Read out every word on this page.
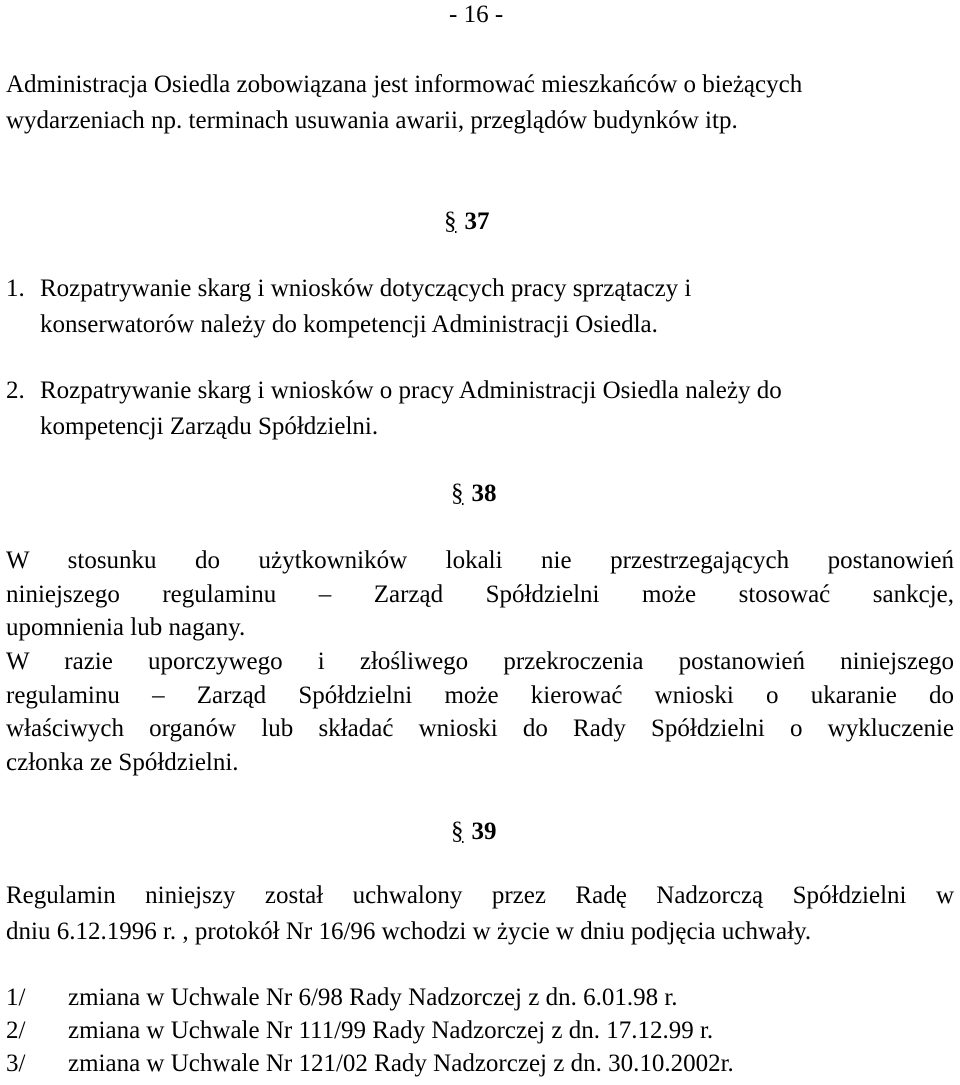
- 16 -

Administracja Osiedla zobowiązana jest informować mieszkańców o bieżących

wydarzeniach np. terminach usuwania awarii, przeglądów budynków itp.

§ 37

1. Rozpatrywanie skarg i wniosków dotyczących pracy sprzątaczy i

konserwatorów należy do kompetencji Administracji Osiedla.

2. Rozpatrywanie skarg i wniosków o pracy Administracji Osiedla należy do

kompetencji Zarządu Spółdzielni.

§ 38

W stosunku do użytkowników lokali nie przestrzegających postanowień

niniejszego regulaminu – Zarząd Spółdzielni może stosować sankcje,

upomnienia lub nagany.

W razie uporczywego i złośliwego przekroczenia postanowień niniejszego

regulaminu – Zarząd Spółdzielni może kierować wnioski o ukaranie do

właściwych organów lub składać wnioski do Rady Spółdzielni o wykluczenie

członka ze Spółdzielni.

§ 39

Regulamin niniejszy został uchwalony przez Radę Nadzorczą Spółdzielni w

dniu 6.12.1996 r. , protokół Nr 16/96 wchodzi w życie w dniu podjęcia uchwały.

1/ zmiana w Uchwale Nr 6/98 Rady Nadzorczej z dn. 6.01.98 r.

2/ zmiana w Uchwale Nr 111/99 Rady Nadzorczej z dn. 17.12.99 r.

3/ zmiana w Uchwale Nr 121/02 Rady Nadzorczej z dn. 30.10.2002r.
